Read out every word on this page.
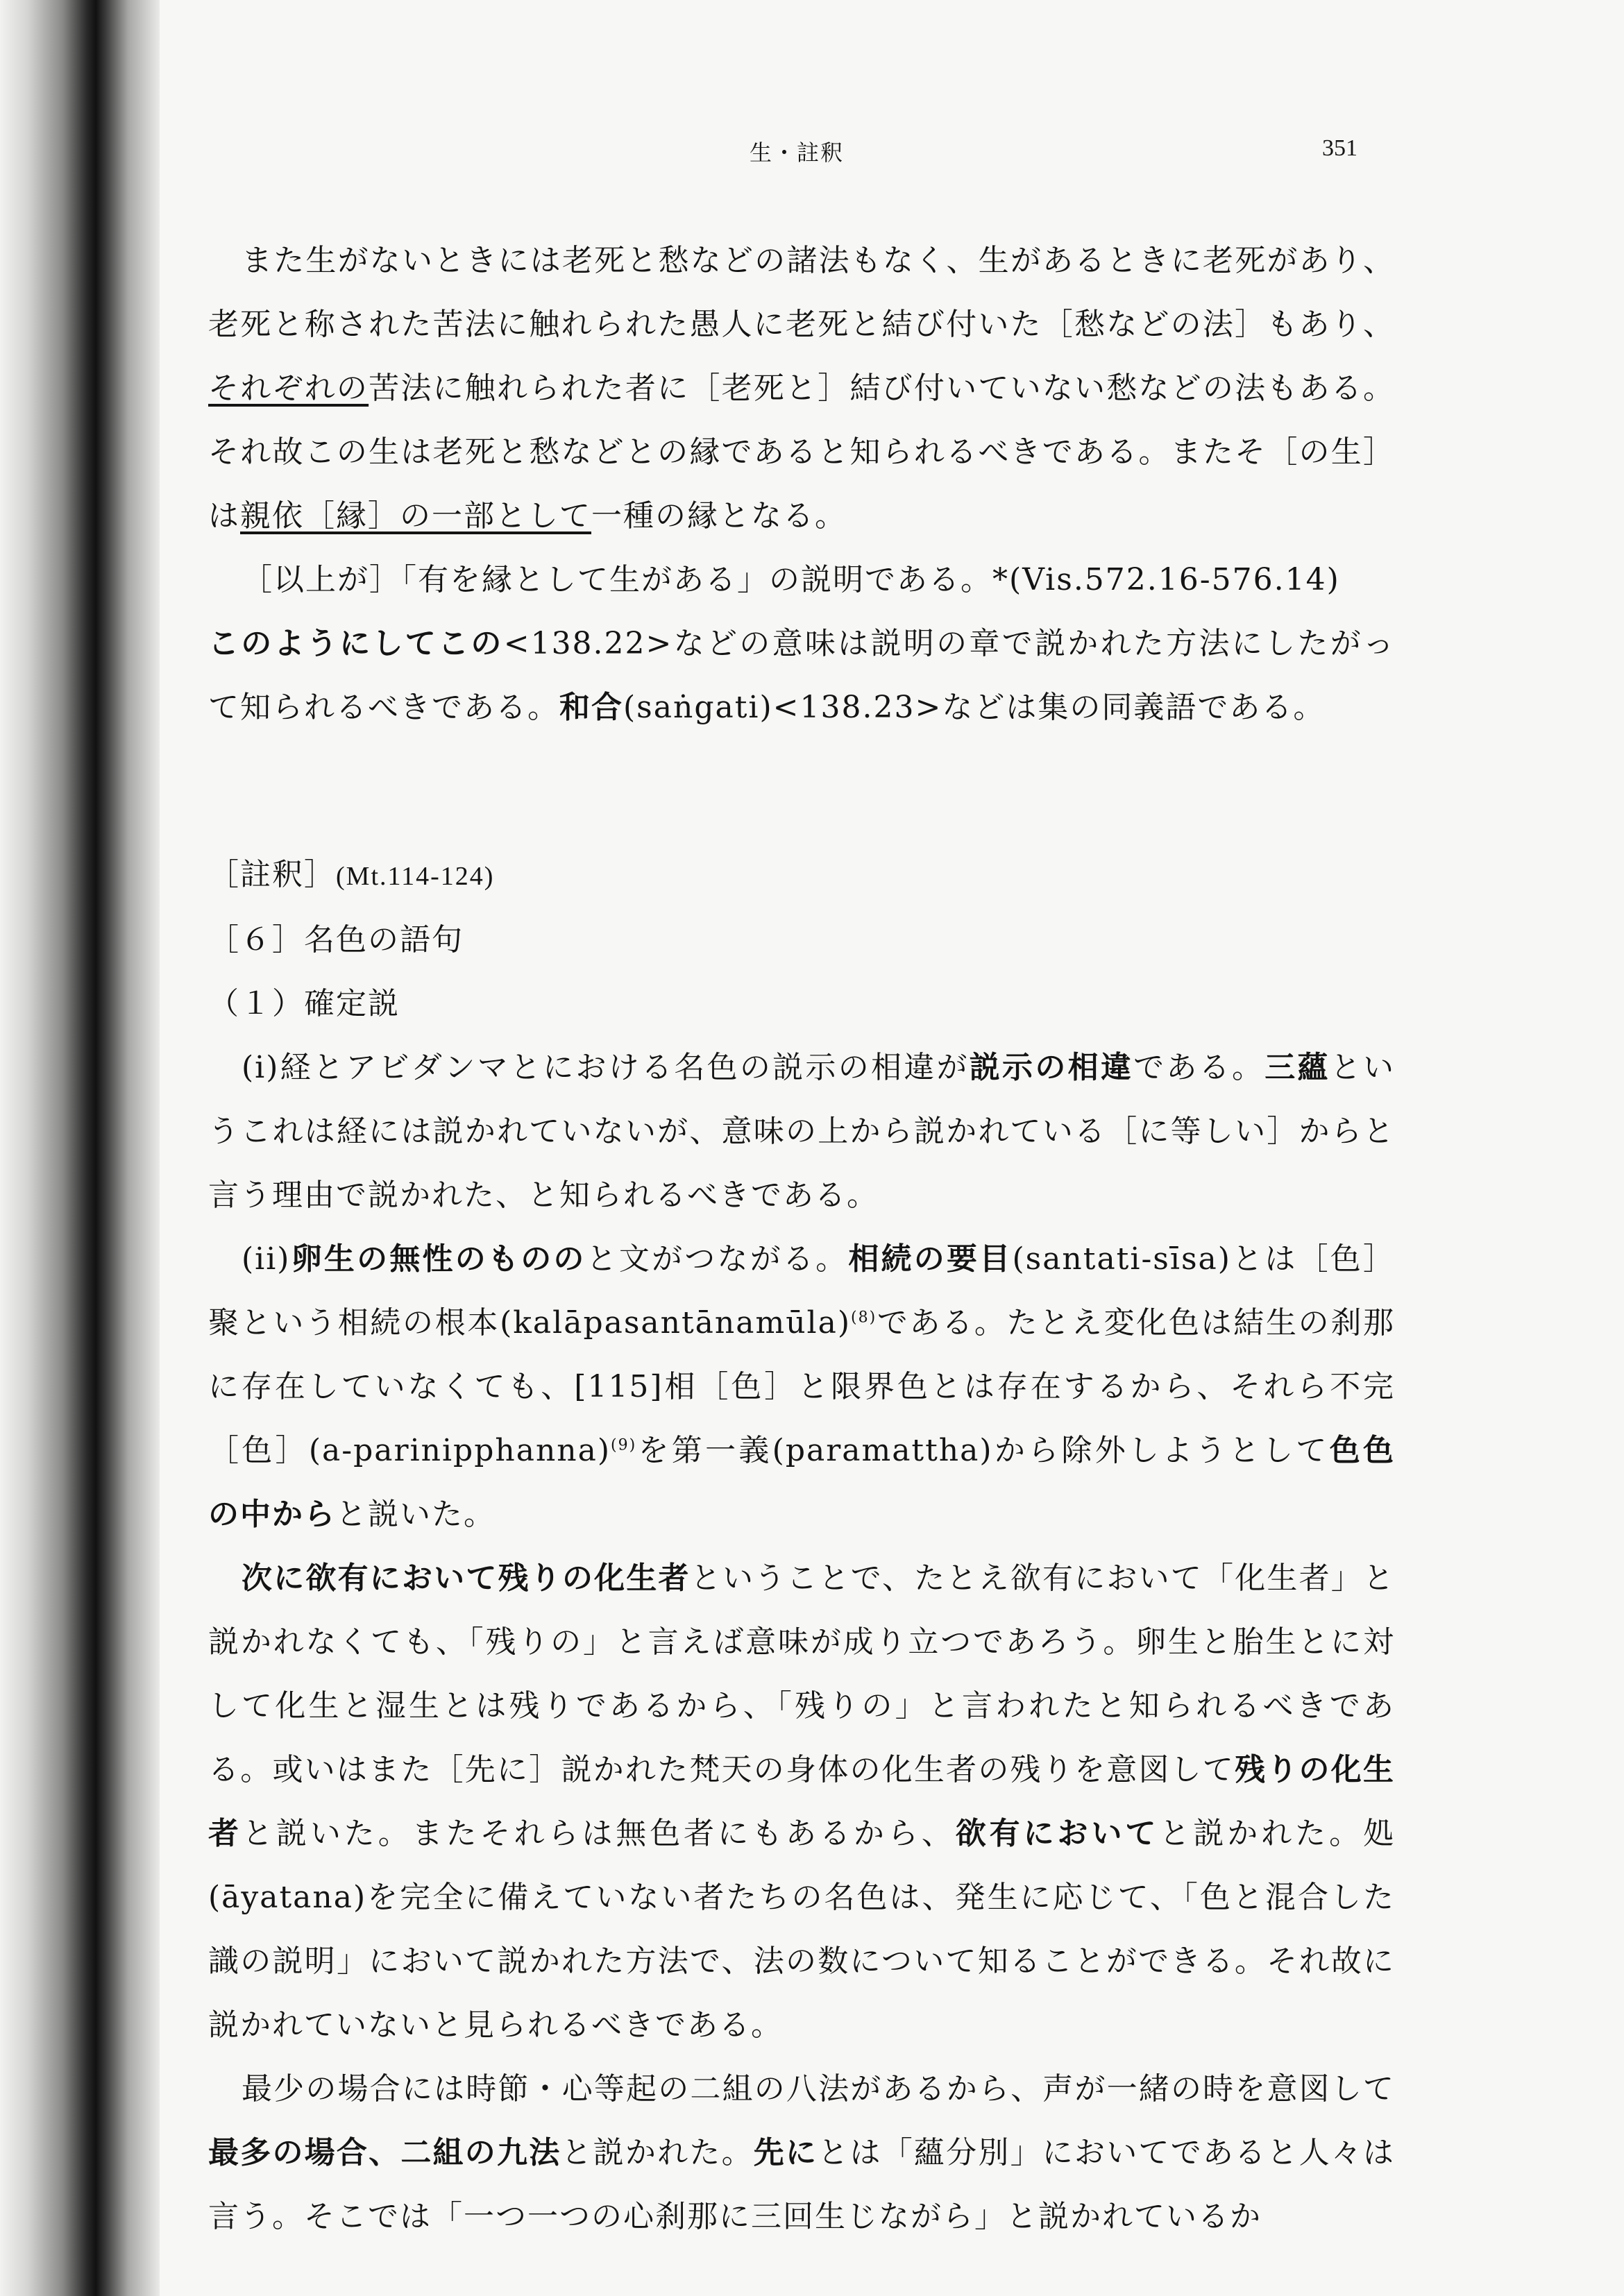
生・註釈	351

また生がないときには老死と愁などの諸法もなく、生があるときに老死があり、老死と称された苦法に触れられた愚人に老死と結び付いた［愁などの法］もあり、それぞれの苦法に触れられた者に［老死と］結び付いていない愁などの法もある。それ故この生は老死と愁などとの縁であると知られるべきである。またそ［の生］は親依［縁］の一部として一種の縁となる。

［以上が］「有を縁として生がある」の説明である。*(Vis.572.16-576.14)

このようにしてこの<138.22>などの意味は説明の章で説かれた方法にしたがって知られるべきである。和合(saṅgati)<138.23>などは集の同義語である。

［註釈］(Mt.114-124)

［６］名色の語句

（１）確定説

(i)経とアビダンマとにおける名色の説示の相違が説示の相違である。三蘊というこれは経には説かれていないが、意味の上から説かれている［に等しい］からと言う理由で説かれた、と知られるべきである。

(ii)卵生の無性のもののと文がつながる。相続の要目(santati-sīsa)とは［色］聚という相続の根本(kalāpasantānamūla)$^{(8)}$である。たとえ変化色は結生の刹那に存在していなくても、[115]相［色］と限界色とは存在するから、それら不完［色］(a-parinipphanna)$^{(9)}$を第一義(paramattha)から除外しようとして色色の中からと説いた。

次に欲有において残りの化生者ということで、たとえ欲有において「化生者」と説かれなくても、「残りの」と言えば意味が成り立つであろう。卵生と胎生とに対して化生と湿生とは残りであるから、「残りの」と言われたと知られるべきである。或いはまた［先に］説かれた梵天の身体の化生者の残りを意図して残りの化生者と説いた。またそれらは無色者にもあるから、欲有においてと説かれた。処(āyatana)を完全に備えていない者たちの名色は、発生に応じて、「色と混合した識の説明」において説かれた方法で、法の数について知ることができる。それ故に説かれていないと見られるべきである。

最少の場合には時節・心等起の二組の八法があるから、声が一緒の時を意図して最多の場合、二組の九法と説かれた。先にとは「蘊分別」においてであると人々は言う。そこでは「一つ一つの心刹那に三回生じながら」と説かれているか
